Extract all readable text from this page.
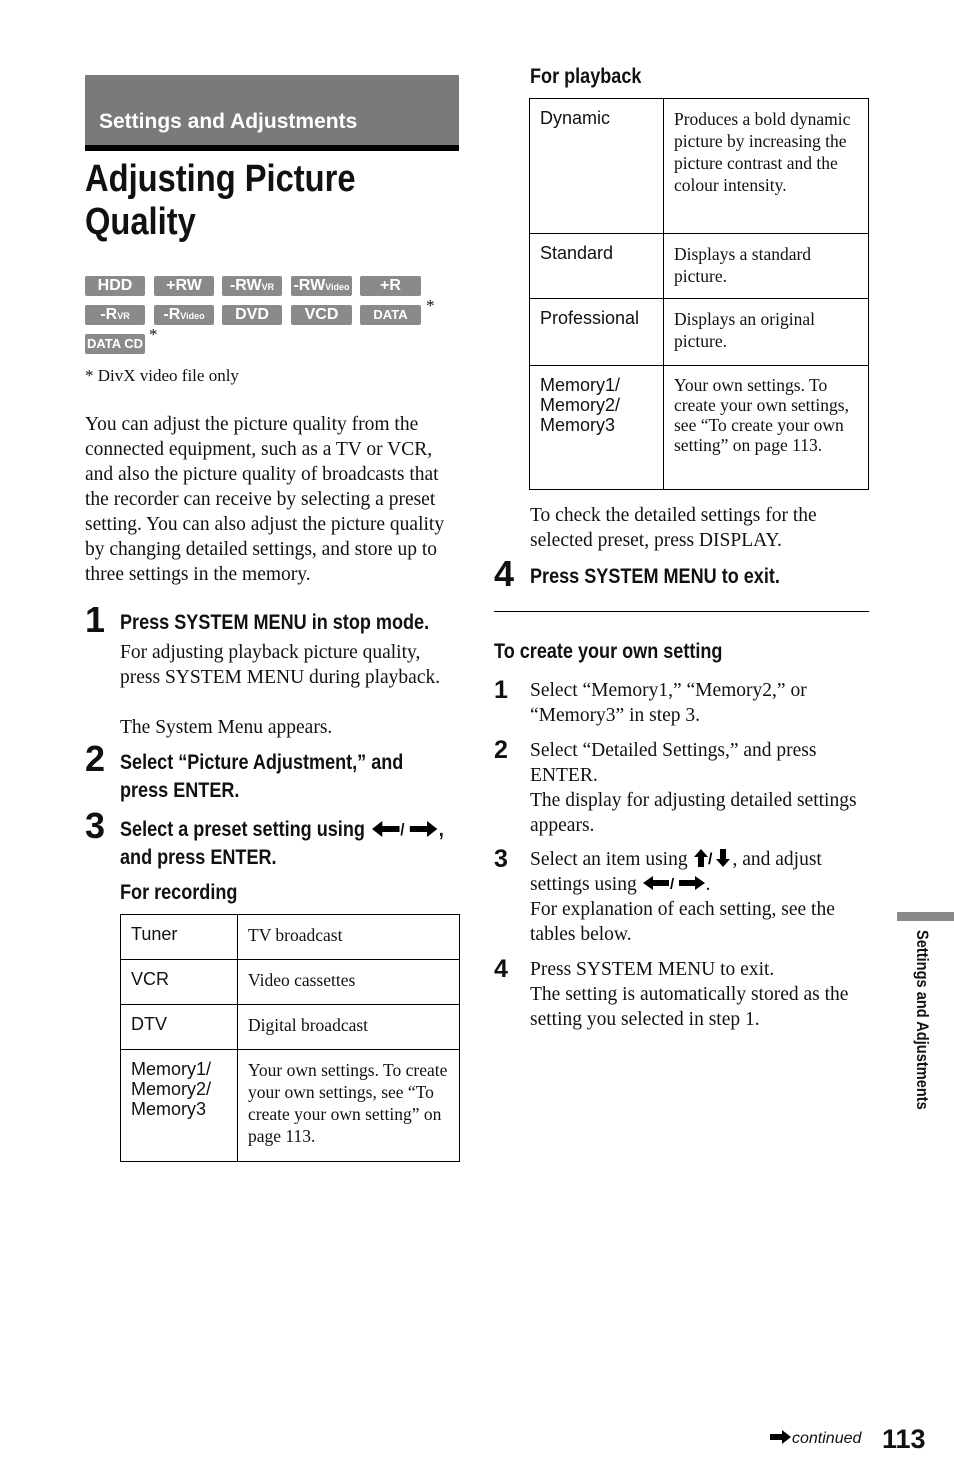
Settings and Adjustments
Adjusting Picture Quality
HDD	+RW	-RWVR	-RWVideo	+R
-RVR	-RVideo	DVD	VCD	DATA DVD
*
DATA CD *
* DivX video file only
You can adjust the picture quality from the connected equipment, such as a TV or VCR, and also the picture quality of broadcasts that the recorder can receive by selecting a preset setting. You can also adjust the picture quality by changing detailed settings, and store up to three settings in the memory.
1 Press SYSTEM MENU in stop mode.
For adjusting playback picture quality, press SYSTEM MENU during playback.
The System Menu appears.
2 Select “Picture Adjustment,” and press ENTER.
3 Select a preset setting using / ,
and press ENTER.
For recording
Tuner	TV broadcast
VCR	Video cassettes
DTV	Digital broadcast
Memory1/ Memory2/ Memory3	Your own settings. To create your own settings, see “To create your own setting” on page 113.
For playback
Dynamic	Produces a bold dynamic picture by increasing the picture contrast and the colour intensity.
Standard	Displays a standard picture.
Professional	Displays an original picture.
Memory1/ Memory2/ Memory3	Your own settings. To create your own settings, see “To create your own setting” on page 113.
To check the detailed settings for the selected preset, press DISPLAY.
4 Press SYSTEM MENU to exit.
To create your own setting
1 Select “Memory1,” “Memory2,” or “Memory3” in step 3.
2 Select “Detailed Settings,” and press ENTER.
The display for adjusting detailed settings appears.
3 Select an item using / , and adjust
settings using / .
For explanation of each setting, see the tables below.
4 Press SYSTEM MENU to exit.
The setting is automatically stored as the setting you selected in step 1.	Settings and Adjustments
continued 113
